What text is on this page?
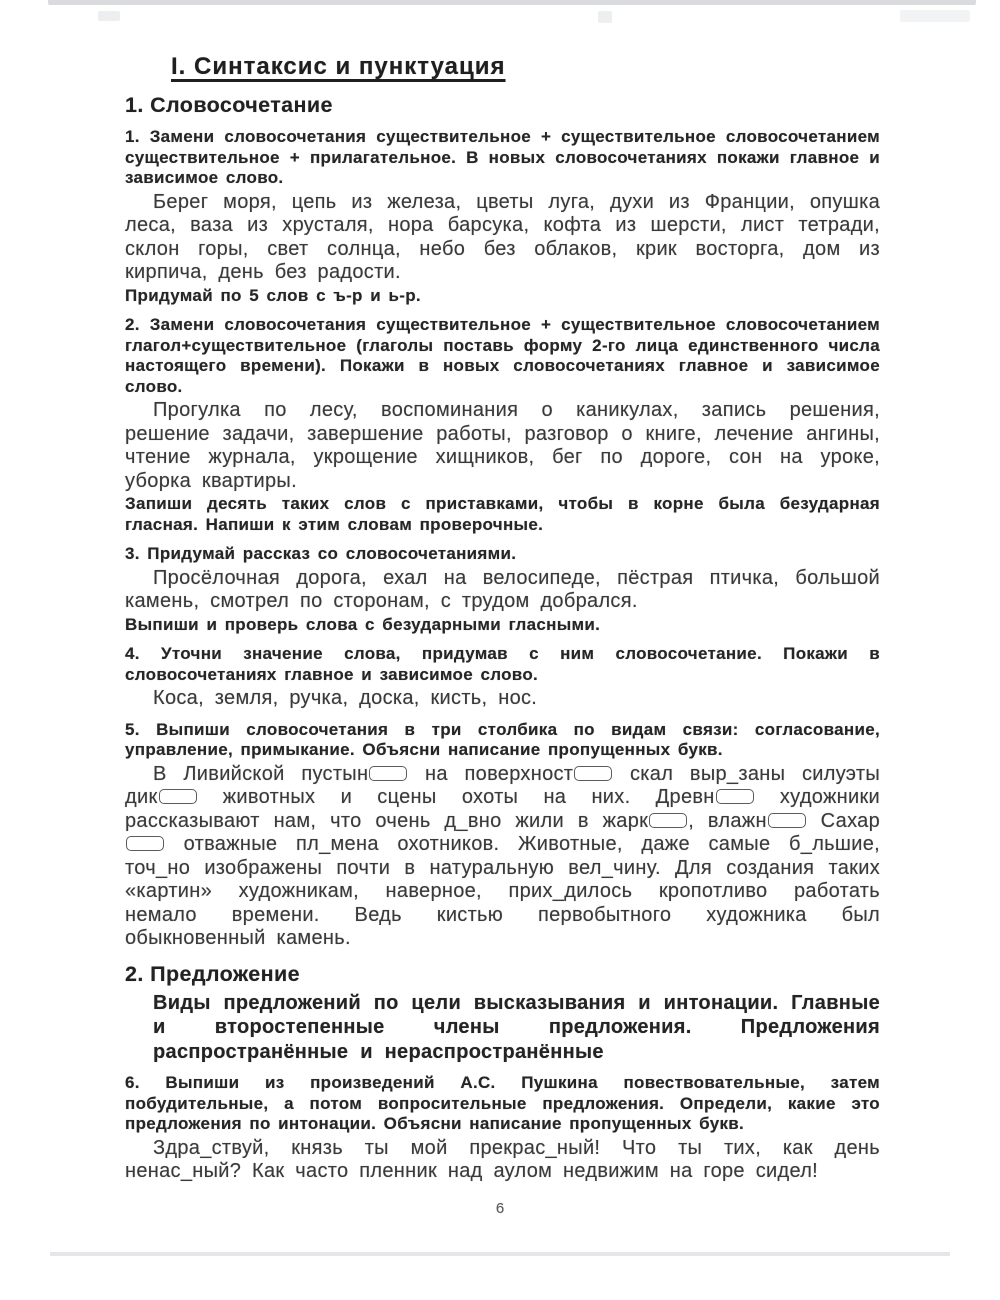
I. Синтаксис и пунктуация
1. Словосочетание
1. Замени словосочетания существительное + существительное словосочетанием существительное + прилагательное. В новых словосочетаниях покажи главное и зависимое слово.
Берег моря, цепь из железа, цветы луга, духи из Франции, опушка леса, ваза из хрусталя, нора барсука, кофта из шерсти, лист тетради, склон горы, свет солнца, небо без облаков, крик восторга, дом из кирпича, день без радости.
Придумай по 5 слов с ъ-р и ь-р.
2. Замени словосочетания существительное + существительное словосочетанием глагол+существительное (глаголы поставь форму 2-го лица единственного числа настоящего времени). Покажи в новых словосочетаниях главное и зависимое слово.
Прогулка по лесу, воспоминания о каникулах, запись решения, решение задачи, завершение работы, разговор о книге, лечение ангины, чтение журнала, укрощение хищников, бег по дороге, сон на уроке, уборка квартиры.
Запиши десять таких слов с приставками, чтобы в корне была безударная гласная. Напиши к этим словам проверочные.
3. Придумай рассказ со словосочетаниями.
Просёлочная дорога, ехал на велосипеде, пёстрая птичка, большой камень, смотрел по сторонам, с трудом добрался.
Выпиши и проверь слова с безударными гласными.
4. Уточни значение слова, придумав с ним словосочетание. Покажи в словосочетаниях главное и зависимое слово.
Коса, земля, ручка, доска, кисть, нос.
5. Выпиши словосочетания в три столбика по видам связи: согласование, управление, примыкание. Объясни написание пропущенных букв.
В Ливийской пустын на поверхност скал выр_заны силуэты дик животных и сцены охоты на них. Древн художники рассказывают нам, что очень д_вно жили в жарк , влажн Сахар отважные пл_мена охотников. Животные, даже самые б_льшие, точ_но изображены почти в натуральную вел_чину. Для создания таких «картин» художникам, наверное, прих_дилось кропотливо работать немало времени. Ведь кистью первобытного художника был обыкновенный камень.
2. Предложение
Виды предложений по цели высказывания и интонации. Главные и второстепенные члены предложения. Предложения распространённые и нераспространённые
6. Выпиши из произведений А.С. Пушкина повествовательные, затем побудительные, а потом вопросительные предложения. Определи, какие это предложения по интонации. Объясни написание пропущенных букв.
Здра_ствуй, князь ты мой прекрас_ный! Что ты тих, как день ненас_ный? Как часто пленник над аулом недвижим на горе сидел!
6
